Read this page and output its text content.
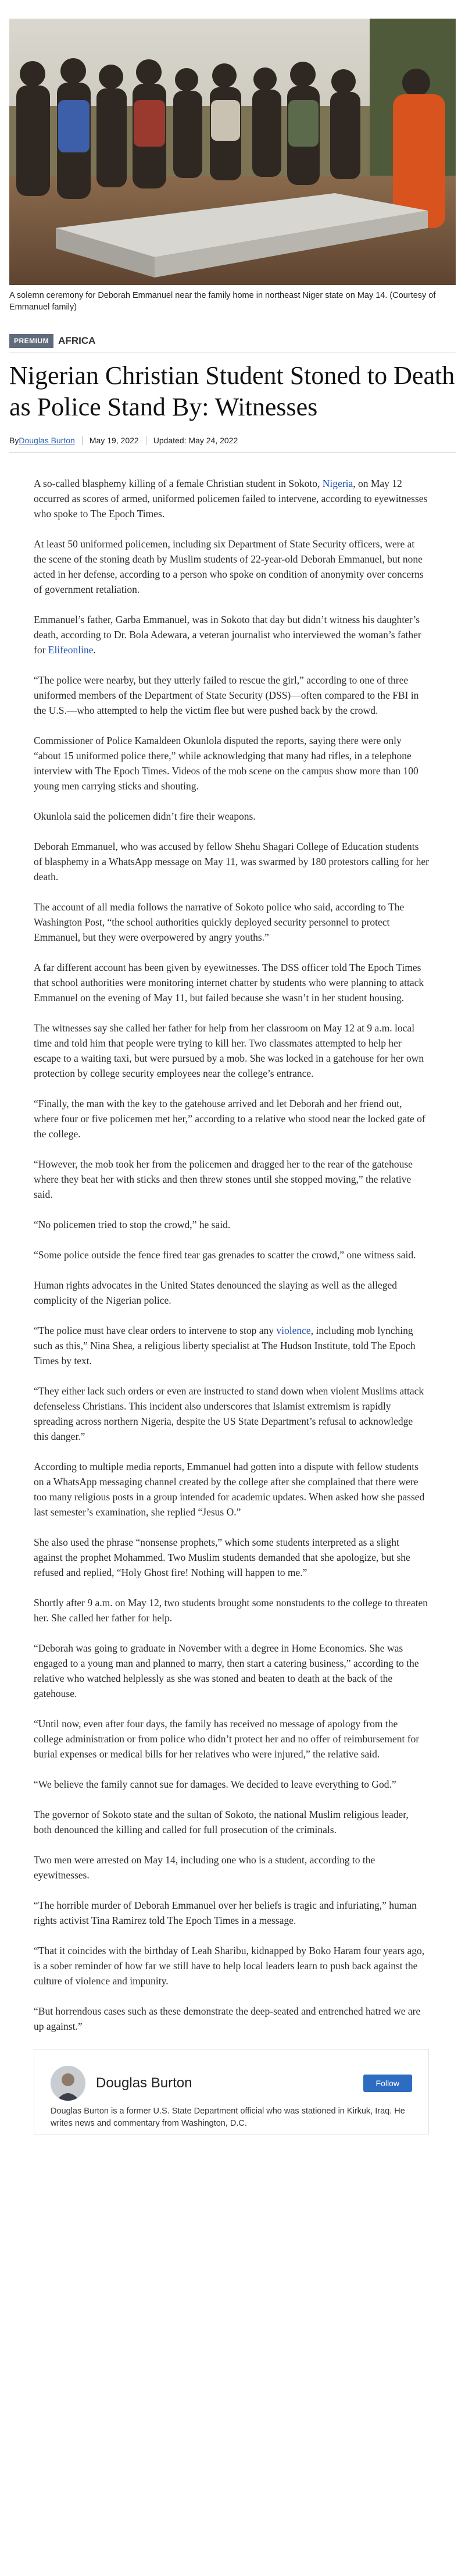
A solemn ceremony for Deborah Emmanuel near the family home in northeast Niger state on May 14. (Courtesy of Emmanuel family)

PREMIUM AFRICA
Nigerian Christian Student Stoned to Death as Police Stand By: Witnesses
By Douglas Burton May 19, 2022 Updated: May 24, 2022

A so-called blasphemy killing of a female Christian student in Sokoto, Nigeria, on May 12 occurred as scores of armed, uniformed policemen failed to intervene, according to eyewitnesses who spoke to The Epoch Times.

At least 50 uniformed policemen, including six Department of State Security officers, were at the scene of the stoning death by Muslim students of 22-year-old Deborah Emmanuel, but none acted in her defense, according to a person who spoke on condition of anonymity over concerns of government retaliation.

Emmanuel’s father, Garba Emmanuel, was in Sokoto that day but didn’t witness his daughter’s death, according to Dr. Bola Adewara, a veteran journalist who interviewed the woman’s father for Elifeonline.

“The police were nearby, but they utterly failed to rescue the girl,” according to one of three uniformed members of the Department of State Security (DSS)—often compared to the FBI in the U.S.—who attempted to help the victim flee but were pushed back by the crowd.

Commissioner of Police Kamaldeen Okunlola disputed the reports, saying there were only “about 15 uniformed police there,” while acknowledging that many had rifles, in a telephone interview with The Epoch Times. Videos of the mob scene on the campus show more than 100 young men carrying sticks and shouting.

Okunlola said the policemen didn’t fire their weapons.

Deborah Emmanuel, who was accused by fellow Shehu Shagari College of Education students of blasphemy in a WhatsApp message on May 11, was swarmed by 180 protestors calling for her death.

The account of all media follows the narrative of Sokoto police who said, according to The Washington Post, “the school authorities quickly deployed security personnel to protect Emmanuel, but they were overpowered by angry youths.”

A far different account has been given by eyewitnesses. The DSS officer told The Epoch Times that school authorities were monitoring internet chatter by students who were planning to attack Emmanuel on the evening of May 11, but failed because she wasn’t in her student housing.

The witnesses say she called her father for help from her classroom on May 12 at 9 a.m. local time and told him that people were trying to kill her. Two classmates attempted to help her escape to a waiting taxi, but were pursued by a mob. She was locked in a gatehouse for her own protection by college security employees near the college’s entrance.

“Finally, the man with the key to the gatehouse arrived and let Deborah and her friend out, where four or five policemen met her,” according to a relative who stood near the locked gate of the college.

“However, the mob took her from the policemen and dragged her to the rear of the gatehouse where they beat her with sticks and then threw stones until she stopped moving,” the relative said.

“No policemen tried to stop the crowd,” he said.

“Some police outside the fence fired tear gas grenades to scatter the crowd,” one witness said.

Human rights advocates in the United States denounced the slaying as well as the alleged complicity of the Nigerian police.

“The police must have clear orders to intervene to stop any violence, including mob lynching such as this,” Nina Shea, a religious liberty specialist at The Hudson Institute, told The Epoch Times by text.

“They either lack such orders or even are instructed to stand down when violent Muslims attack defenseless Christians. This incident also underscores that Islamist extremism is rapidly spreading across northern Nigeria, despite the US State Department’s refusal to acknowledge this danger.”

According to multiple media reports, Emmanuel had gotten into a dispute with fellow students on a WhatsApp messaging channel created by the college after she complained that there were too many religious posts in a group intended for academic updates. When asked how she passed last semester’s examination, she replied “Jesus O.”

She also used the phrase “nonsense prophets,” which some students interpreted as a slight against the prophet Mohammed. Two Muslim students demanded that she apologize, but she refused and replied, “Holy Ghost fire! Nothing will happen to me.”

Shortly after 9 a.m. on May 12, two students brought some nonstudents to the college to threaten her. She called her father for help.

“Deborah was going to graduate in November with a degree in Home Economics. She was engaged to a young man and planned to marry, then start a catering business,” according to the relative who watched helplessly as she was stoned and beaten to death at the back of the gatehouse.

“Until now, even after four days, the family has received no message of apology from the college administration or from police who didn’t protect her and no offer of reimbursement for burial expenses or medical bills for her relatives who were injured,” the relative said.

“We believe the family cannot sue for damages. We decided to leave everything to God.”

The governor of Sokoto state and the sultan of Sokoto, the national Muslim religious leader, both denounced the killing and called for full prosecution of the criminals.

Two men were arrested on May 14, including one who is a student, according to the eyewitnesses.

“The horrible murder of Deborah Emmanuel over her beliefs is tragic and infuriating,” human rights activist Tina Ramirez told The Epoch Times in a message.

“That it coincides with the birthday of Leah Sharibu, kidnapped by Boko Haram four years ago, is a sober reminder of how far we still have to help local leaders learn to push back against the culture of violence and impunity.

“But horrendous cases such as these demonstrate the deep-seated and entrenched hatred we are up against.”

Douglas Burton	Follow

Douglas Burton is a former U.S. State Department official who was stationed in Kirkuk, Iraq. He writes news and commentary from Washington, D.C.
